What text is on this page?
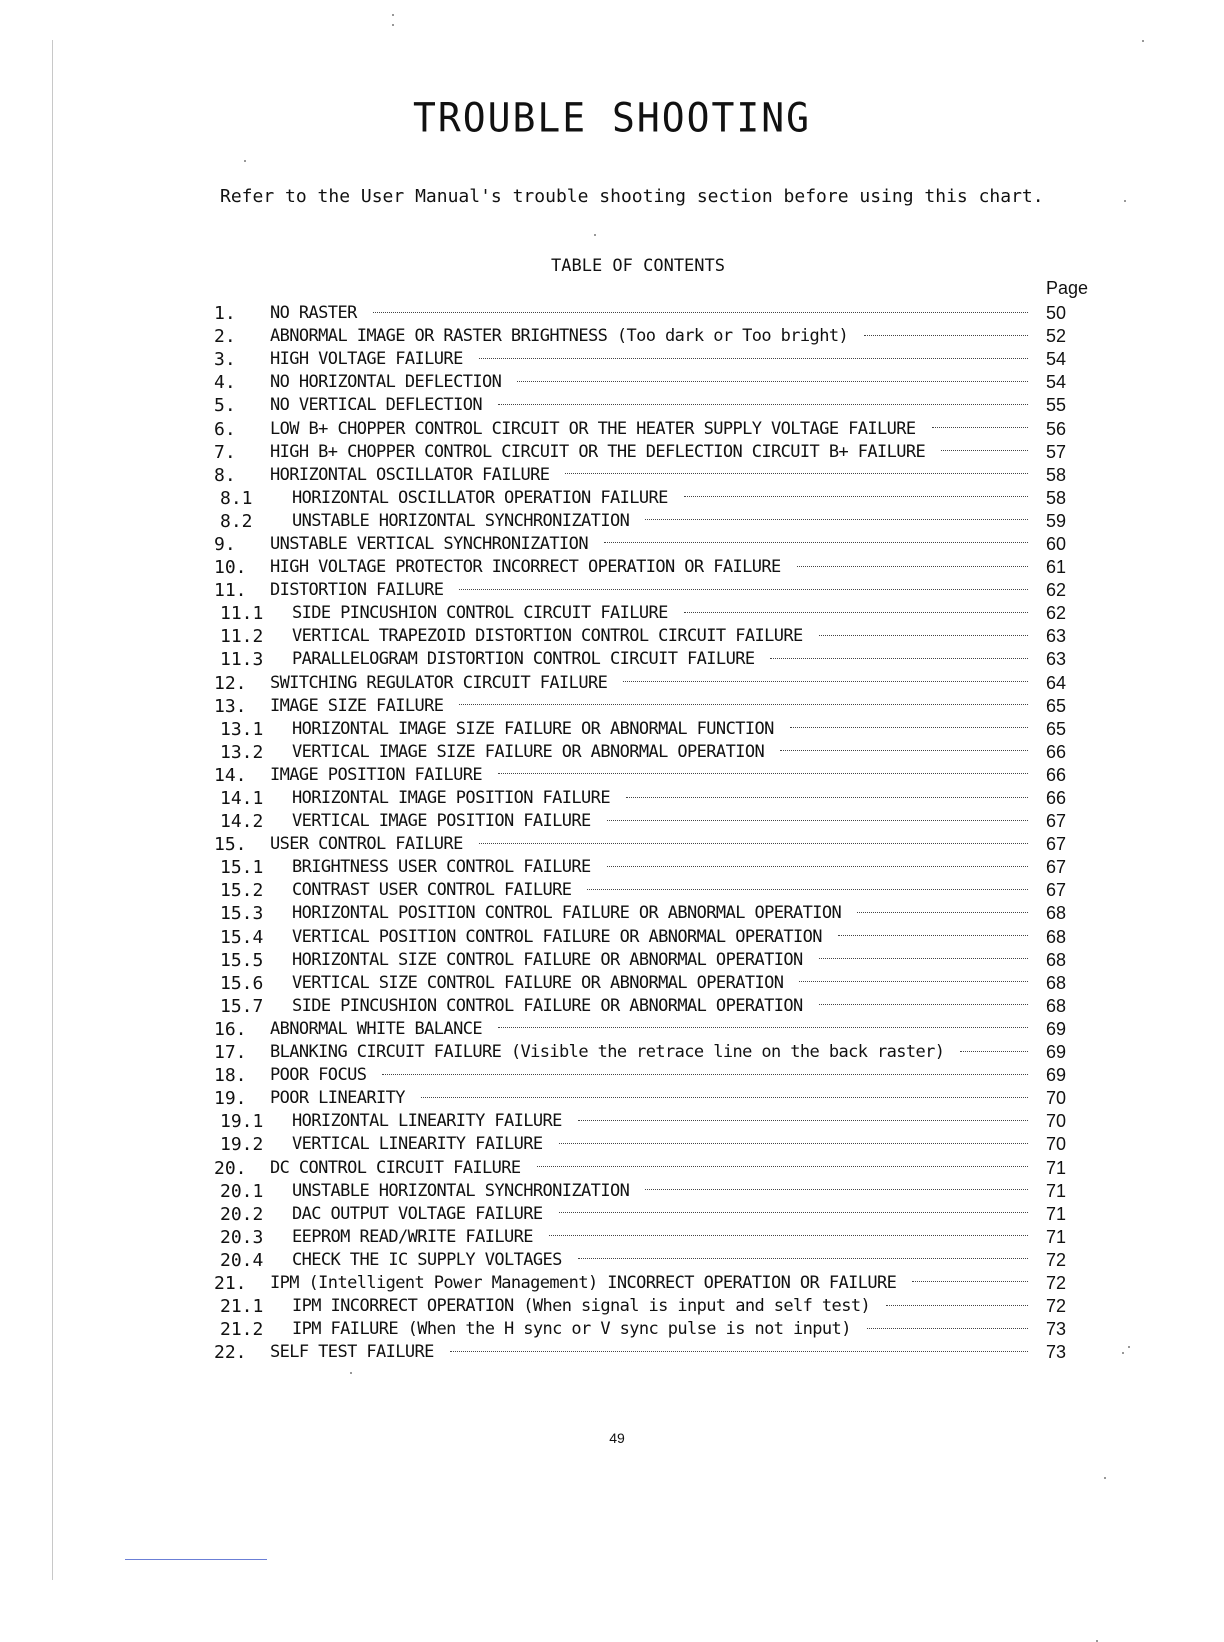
TROUBLE SHOOTING
Refer to the User Manual's trouble shooting section before using this chart.
TABLE OF CONTENTS
Page
1.	NO RASTER	50
2.	ABNORMAL IMAGE OR RASTER BRIGHTNESS (Too dark or Too bright)	52
3.	HIGH VOLTAGE FAILURE	54
4.	NO HORIZONTAL DEFLECTION	54
5.	NO VERTICAL DEFLECTION	55
6.	LOW B+ CHOPPER CONTROL CIRCUIT OR THE HEATER SUPPLY VOLTAGE FAILURE	56
7.	HIGH B+ CHOPPER CONTROL CIRCUIT OR THE DEFLECTION CIRCUIT B+ FAILURE	57
8.	HORIZONTAL OSCILLATOR FAILURE	58
8.1	HORIZONTAL OSCILLATOR OPERATION FAILURE	58
8.2	UNSTABLE HORIZONTAL SYNCHRONIZATION	59
9.	UNSTABLE VERTICAL SYNCHRONIZATION	60
10.	HIGH VOLTAGE PROTECTOR INCORRECT OPERATION OR FAILURE	61
11.	DISTORTION FAILURE	62
11.1	SIDE PINCUSHION CONTROL CIRCUIT FAILURE	62
11.2	VERTICAL TRAPEZOID DISTORTION CONTROL CIRCUIT FAILURE	63
11.3	PARALLELOGRAM DISTORTION CONTROL CIRCUIT FAILURE	63
12.	SWITCHING REGULATOR CIRCUIT FAILURE	64
13.	IMAGE SIZE FAILURE	65
13.1	HORIZONTAL IMAGE SIZE FAILURE OR ABNORMAL FUNCTION	65
13.2	VERTICAL IMAGE SIZE FAILURE OR ABNORMAL OPERATION	66
14.	IMAGE POSITION FAILURE	66
14.1	HORIZONTAL IMAGE POSITION FAILURE	66
14.2	VERTICAL IMAGE POSITION FAILURE	67
15.	USER CONTROL FAILURE	67
15.1	BRIGHTNESS USER CONTROL FAILURE	67
15.2	CONTRAST USER CONTROL FAILURE	67
15.3	HORIZONTAL POSITION CONTROL FAILURE OR ABNORMAL OPERATION	68
15.4	VERTICAL POSITION CONTROL FAILURE OR ABNORMAL OPERATION	68
15.5	HORIZONTAL SIZE CONTROL FAILURE OR ABNORMAL OPERATION	68
15.6	VERTICAL SIZE CONTROL FAILURE OR ABNORMAL OPERATION	68
15.7	SIDE PINCUSHION CONTROL FAILURE OR ABNORMAL OPERATION	68
16.	ABNORMAL WHITE BALANCE	69
17.	BLANKING CIRCUIT FAILURE (Visible the retrace line on the back raster)	69
18.	POOR FOCUS	69
19.	POOR LINEARITY	70
19.1	HORIZONTAL LINEARITY FAILURE	70
19.2	VERTICAL LINEARITY FAILURE	70
20.	DC CONTROL CIRCUIT FAILURE	71
20.1	UNSTABLE HORIZONTAL SYNCHRONIZATION	71
20.2	DAC OUTPUT VOLTAGE FAILURE	71
20.3	EEPROM READ/WRITE FAILURE	71
20.4	CHECK THE IC SUPPLY VOLTAGES	72
21.	IPM (Intelligent Power Management) INCORRECT OPERATION OR FAILURE	72
21.1	IPM INCORRECT OPERATION (When signal is input and self test)	72
21.2	IPM FAILURE (When the H sync or V sync pulse is not input)	73
22.	SELF TEST FAILURE	73
49
